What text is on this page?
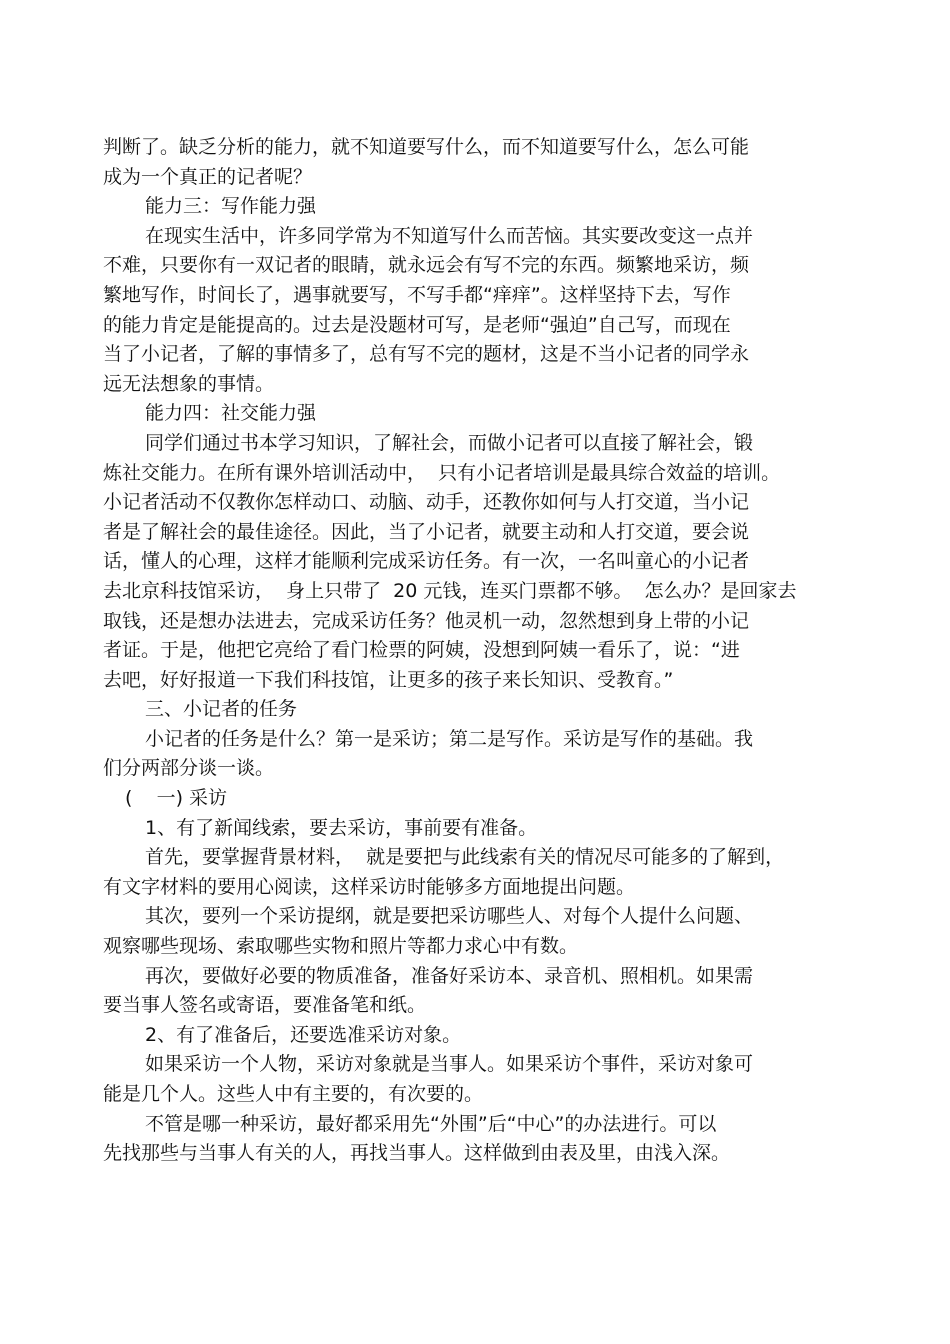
判断了。缺乏分析的能力，就不知道要写什么，而不知道要写什么，怎么可能
成为一个真正的记者呢？
能力三：写作能力强
在现实生活中，许多同学常为不知道写什么而苦恼。其实要改变这一点并
不难，只要你有一双记者的眼睛，就永远会有写不完的东西。频繁地采访，频
繁地写作，时间长了，遇事就要写，不写手都“痒痒”。这样坚持下去，写作
的能力肯定是能提高的。过去是没题材可写，是老师“强迫”自己写，而现在
当了小记者，了解的事情多了，总有写不完的题材，这是不当小记者的同学永
远无法想象的事情。
能力四：社交能力强
同学们通过书本学习知识，了解社会，而做小记者可以直接了解社会，锻
炼社交能力。在所有课外培训活动中，  只有小记者培训是最具综合效益的培训。
小记者活动不仅教你怎样动口、动脑、动手，还教你如何与人打交道，当小记
者是了解社会的最佳途径。因此，当了小记者，就要主动和人打交道，要会说
话，懂人的心理，这样才能顺利完成采访任务。有一次，一名叫童心的小记者
去北京科技馆采访，  身上只带了  20 元钱，连买门票都不够。  怎么办？是回家去
取钱，还是想办法进去，完成采访任务？他灵机一动，忽然想到身上带的小记
者证。于是，他把它亮给了看门检票的阿姨，没想到阿姨一看乐了，说：“进
去吧，好好报道一下我们科技馆，让更多的孩子来长知识、受教育。”
三、小记者的任务
小记者的任务是什么？第一是采访；第二是写作。采访是写作的基础。我
们分两部分谈一谈。
(    一) 采访
1、有了新闻线索，要去采访，事前要有准备。
首先，要掌握背景材料，  就是要把与此线索有关的情况尽可能多的了解到，
有文字材料的要用心阅读，这样采访时能够多方面地提出问题。
其次，要列一个采访提纲，就是要把采访哪些人、对每个人提什么问题、
观察哪些现场、索取哪些实物和照片等都力求心中有数。
再次，要做好必要的物质准备，准备好采访本、录音机、照相机。如果需
要当事人签名或寄语，要准备笔和纸。
2、有了准备后，还要选准采访对象。
如果采访一个人物，采访对象就是当事人。如果采访个事件，采访对象可
能是几个人。这些人中有主要的，有次要的。
不管是哪一种采访，最好都采用先“外围”后“中心”的办法进行。可以
先找那些与当事人有关的人，再找当事人。这样做到由表及里，由浅入深。
